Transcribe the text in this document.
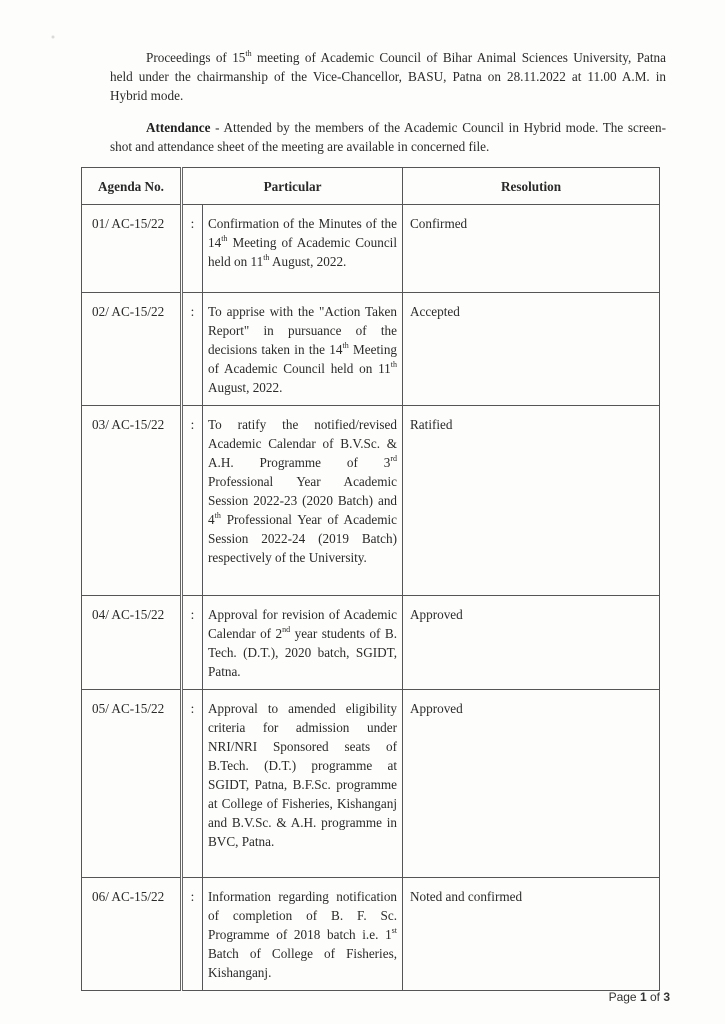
Proceedings of 15th meeting of Academic Council of Bihar Animal Sciences University, Patna held under the chairmanship of the Vice-Chancellor, BASU, Patna on 28.11.2022 at 11.00 A.M. in Hybrid mode.

Attendance - Attended by the members of the Academic Council in Hybrid mode. The screen-shot and attendance sheet of the meeting are available in concerned file.

Agenda No.	Particular		Resolution
01/ AC-15/22	:	Confirmation of the Minutes of the 14th Meeting of Academic Council held on 11th August, 2022.	Confirmed
02/ AC-15/22	:	To apprise with the "Action Taken Report" in pursuance of the decisions taken in the 14th Meeting of Academic Council held on 11th August, 2022.	Accepted
03/ AC-15/22	:	To ratify the notified/revised Academic Calendar of B.V.Sc. & A.H. Programme of 3rd Professional Year Academic Session 2022-23 (2020 Batch) and 4th Professional Year of Academic Session 2022-24 (2019 Batch) respectively of the University.	Ratified
04/ AC-15/22	:	Approval for revision of Academic Calendar of 2nd year students of B. Tech. (D.T.), 2020 batch, SGIDT, Patna.	Approved
05/ AC-15/22	:	Approval to amended eligibility criteria for admission under NRI/NRI Sponsored seats of B.Tech. (D.T.) programme at SGIDT, Patna, B.F.Sc. programme at College of Fisheries, Kishanganj and B.V.Sc. & A.H. programme in BVC, Patna.	Approved
06/ AC-15/22	:	Information regarding notification of completion of B. F. Sc. Programme of 2018 batch i.e. 1st Batch of College of Fisheries, Kishanganj.	Noted and confirmed
Page 1 of 3
